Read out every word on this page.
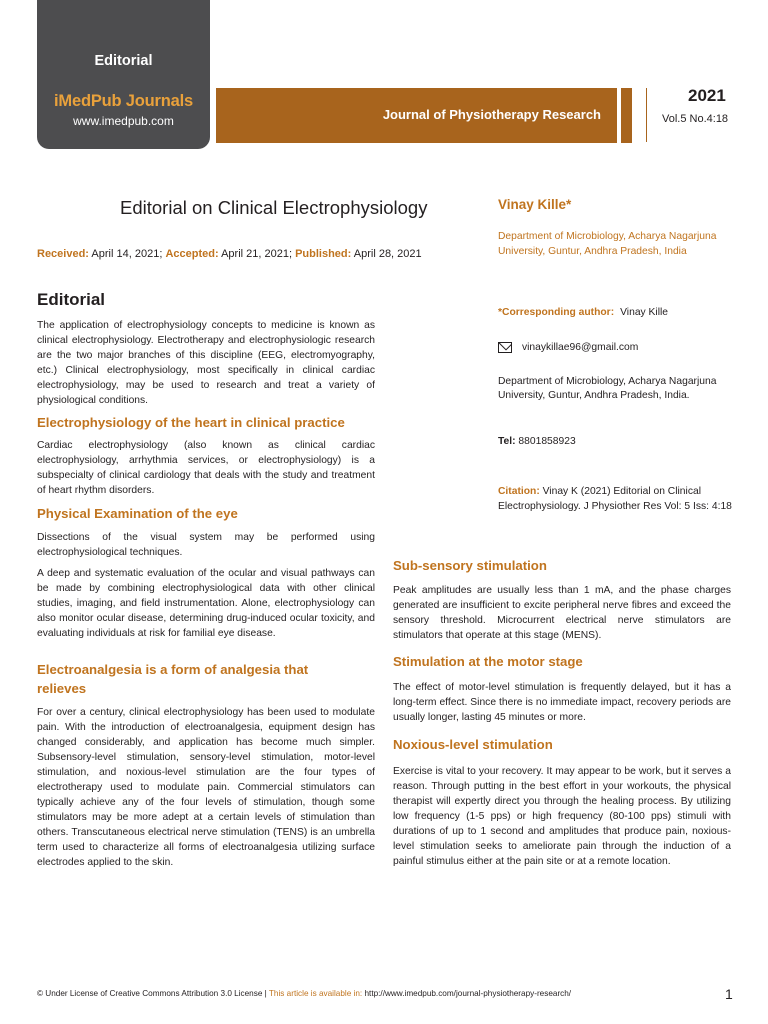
Editorial
iMedPub Journals
www.imedpub.com	Journal of Physiotherapy Research
2021
Vol.5 No.4:18
Editorial on Clinical Electrophysiology
Received: April 14, 2021; Accepted: April 21, 2021; Published: April 28, 2021
Editorial
The application of electrophysiology concepts to medicine is known as clinical electrophysiology. Electrotherapy and electrophysiologic research are the two major branches of this discipline (EEG, electromyography, etc.) Clinical electrophysiology, most specifically in clinical cardiac electrophysiology, may be used to research and treat a variety of physiological conditions.
Electrophysiology of the heart in clinical practice
Cardiac electrophysiology (also known as clinical cardiac electrophysiology, arrhythmia services, or electrophysiology) is a subspecialty of clinical cardiology that deals with the study and treatment of heart rhythm disorders.
Physical Examination of the eye
Dissections of the visual system may be performed using electrophysiological techniques.
A deep and systematic evaluation of the ocular and visual pathways can be made by combining electrophysiological data with other clinical studies, imaging, and field instrumentation. Alone, electrophysiology can also monitor ocular disease, determining drug-induced ocular toxicity, and evaluating individuals at risk for familial eye disease.
Electroanalgesia is a form of analgesia that relieves
For over a century, clinical electrophysiology has been used to modulate pain. With the introduction of electroanalgesia, equipment design has changed considerably, and application has become much simpler. Subsensory-level stimulation, sensory-level stimulation, motor-level stimulation, and noxious-level stimulation are the four types of electrotherapy used to modulate pain. Commercial stimulators can typically achieve any of the four levels of stimulation, though some stimulators may be more adept at a certain levels of stimulation than others. Transcutaneous electrical nerve stimulation (TENS) is an umbrella term used to characterize all forms of electroanalgesia utilizing surface electrodes applied to the skin.
Vinay Kille*
Department of Microbiology, Acharya Nagarjuna University, Guntur, Andhra Pradesh, India
*Corresponding author: Vinay Kille
vinaykillae96@gmail.com
Department of Microbiology, Acharya Nagarjuna University, Guntur, Andhra Pradesh, India.
Tel: 8801858923
Citation: Vinay K (2021) Editorial on Clinical Electrophysiology. J Physiother Res Vol: 5 Iss: 4:18
Sub-sensory stimulation
Peak amplitudes are usually less than 1 mA, and the phase charges generated are insufficient to excite peripheral nerve fibres and exceed the sensory threshold. Microcurrent electrical nerve stimulators are stimulators that operate at this stage (MENS).
Stimulation at the motor stage
The effect of motor-level stimulation is frequently delayed, but it has a long-term effect. Since there is no immediate impact, recovery periods are usually longer, lasting 45 minutes or more.
Noxious-level stimulation
Exercise is vital to your recovery. It may appear to be work, but it serves a reason. Through putting in the best effort in your workouts, the physical therapist will expertly direct you through the healing process. By utilizing low frequency (1-5 pps) or high frequency (80-100 pps) stimuli with durations of up to 1 second and amplitudes that produce pain, noxious-level stimulation seeks to ameliorate pain through the induction of a painful stimulus either at the pain site or at a remote location.
© Under License of Creative Commons Attribution 3.0 License | This article is available in: http://www.imedpub.com/journal-physiotherapy-research/	1
